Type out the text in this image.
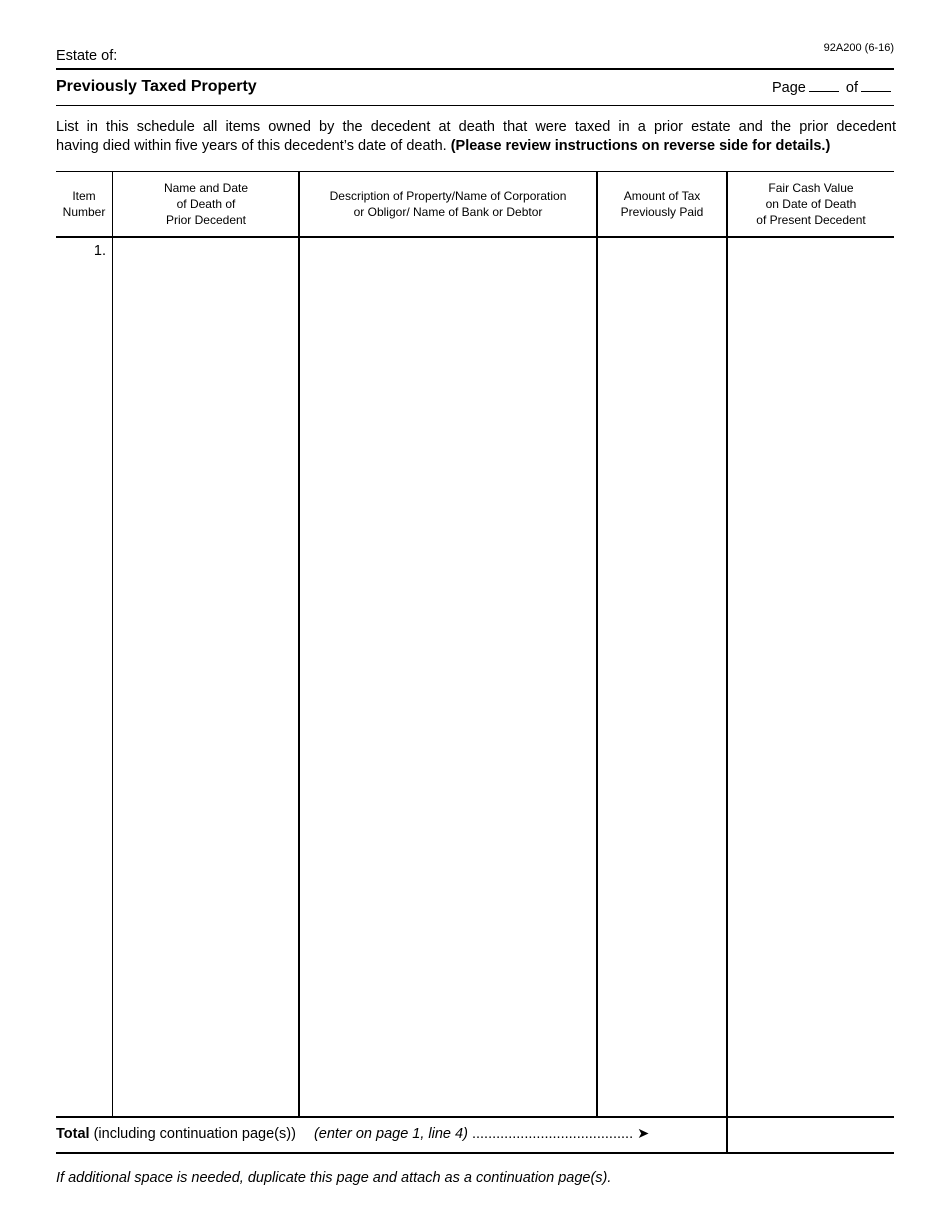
92A200 (6-16)
Estate of:
Previously Taxed Property	Page	of
List in this schedule all items owned by the decedent at death that were taxed in a prior estate and the prior decedent
having died within five years of this decedent’s date of death. (Please review instructions on reverse side for details.)
Item
Number
Name and Date
of Death of
Prior Decedent
Description of Property/Name of Corporation
or Obligor/ Name of Bank or Debtor
Amount of Tax
Previously Paid
Fair Cash Value
on Date of Death
of Present Decedent
1.
Total (including continuation page(s)) (enter on page 1, line 4) ........................................ ➤
If additional space is needed, duplicate this page and attach as a continuation page(s).
